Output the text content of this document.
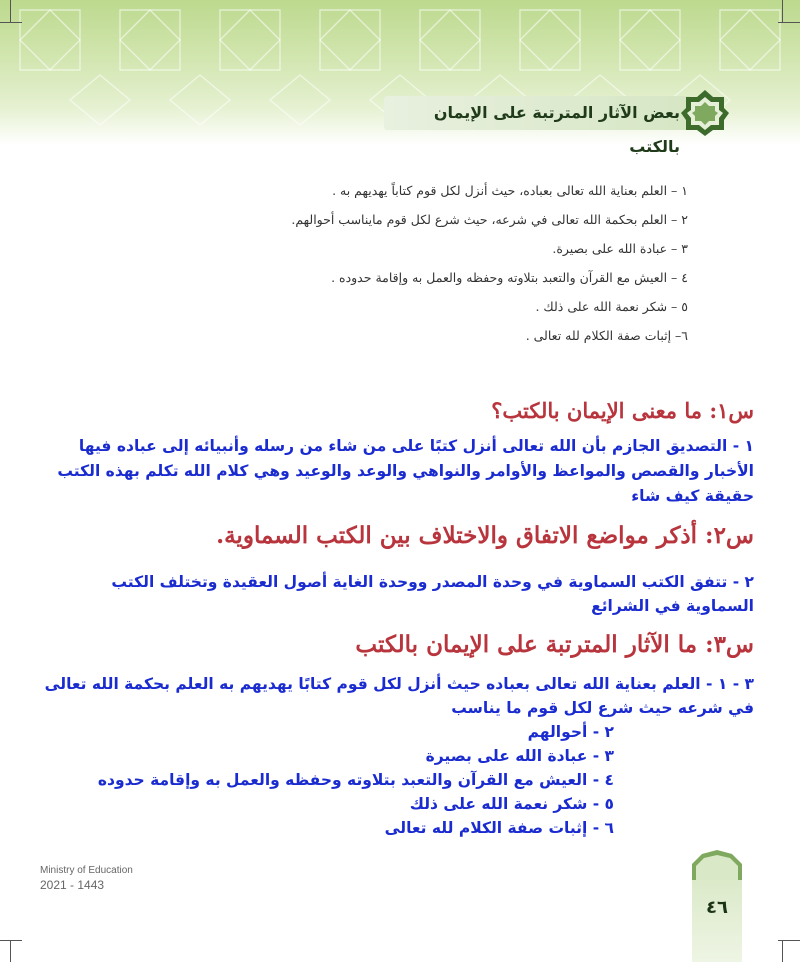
بعض الآثار المترتبة على الإيمان بالكتب
١ – العلم بعناية الله تعالى بعباده، حيث أنزل لكل قوم كتاباً يهديهم به .
٢ – العلم بحكمة الله تعالى في شرعه، حيث شرع لكل قوم مايناسب أحوالهم.
٣ – عبادة الله على بصيرة.
٤ – العيش مع القرآن والتعبد بتلاوته وحفظه والعمل به وإقامة حدوده .
٥ – شكر نعمة الله على ذلك .
٦– إثبات صفة الكلام لله تعالى .
س١: ما معنى الإيمان بالكتب؟
١ - التصديق الجازم بأن الله تعالى أنزل كتبًا على من شاء من رسله وأنبيائه إلى عباده فيها الأخبار والقصص والمواعظ والأوامر والنواهي والوعد والوعيد وهي كلام الله تكلم بهذه الكتب حقيقة كيف شاء
س٢: أذكر مواضع الاتفاق والاختلاف بين الكتب السماوية.
٢ - تتفق الكتب السماوية في وحدة المصدر ووحدة الغاية أصول العقيدة وتختلف الكتب السماوية في الشرائع
س٣: ما الآثار المترتبة على الإيمان بالكتب
٣ - ١ - العلم بعناية الله تعالى بعباده حيث أنزل لكل قوم كتابًا يهديهم به العلم بحكمة الله تعالى
في شرعه حيث شرع لكل قوم ما يناسب
٢ - أحوالهم
٣ - عبادة الله على بصيرة
٤ - العيش مع القرآن والتعبد بتلاوته وحفظه والعمل به وإقامة حدوده
٥ - شكر نعمة الله على ذلك
٦ - إثبات صفة الكلام لله تعالى
Ministry of Education
2021 - 1443
٤٦
